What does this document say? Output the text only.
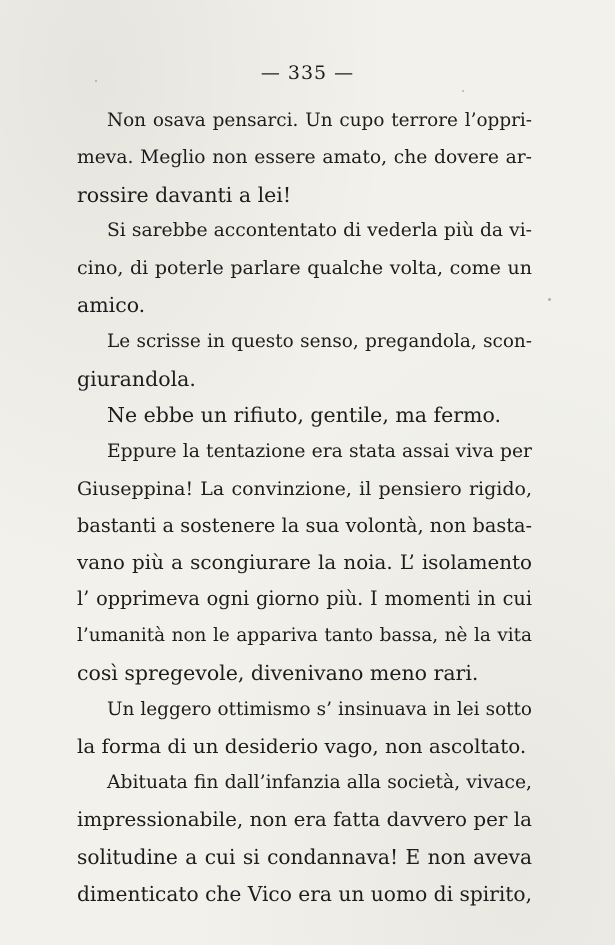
— 335 —
Non osava pensarci. Un cupo terrore l’oppri-
meva. Meglio non essere amato, che dovere ar-
rossire davanti a lei!
Si sarebbe accontentato di vederla più da vi-
cino, di poterle parlare qualche volta, come un
amico.
Le scrisse in questo senso, pregandola, scon-
giurandola.
Ne ebbe un rifiuto, gentile, ma fermo.
Eppure la tentazione era stata assai viva per
Giuseppina! La convinzione, il pensiero rigido,
bastanti a sostenere la sua volontà, non basta-
vano più a scongiurare la noia. L’ isolamento
l’ opprimeva ogni giorno più. I momenti in cui
l’umanità non le appariva tanto bassa, nè la vita
così spregevole, divenivano meno rari.
Un leggero ottimismo s’ insinuava in lei sotto
la forma di un desiderio vago, non ascoltato.
Abituata fin dall’infanzia alla società, vivace,
impressionabile, non era fatta davvero per la
solitudine a cui si condannava! E non aveva
dimenticato che Vico era un uomo di spirito,
